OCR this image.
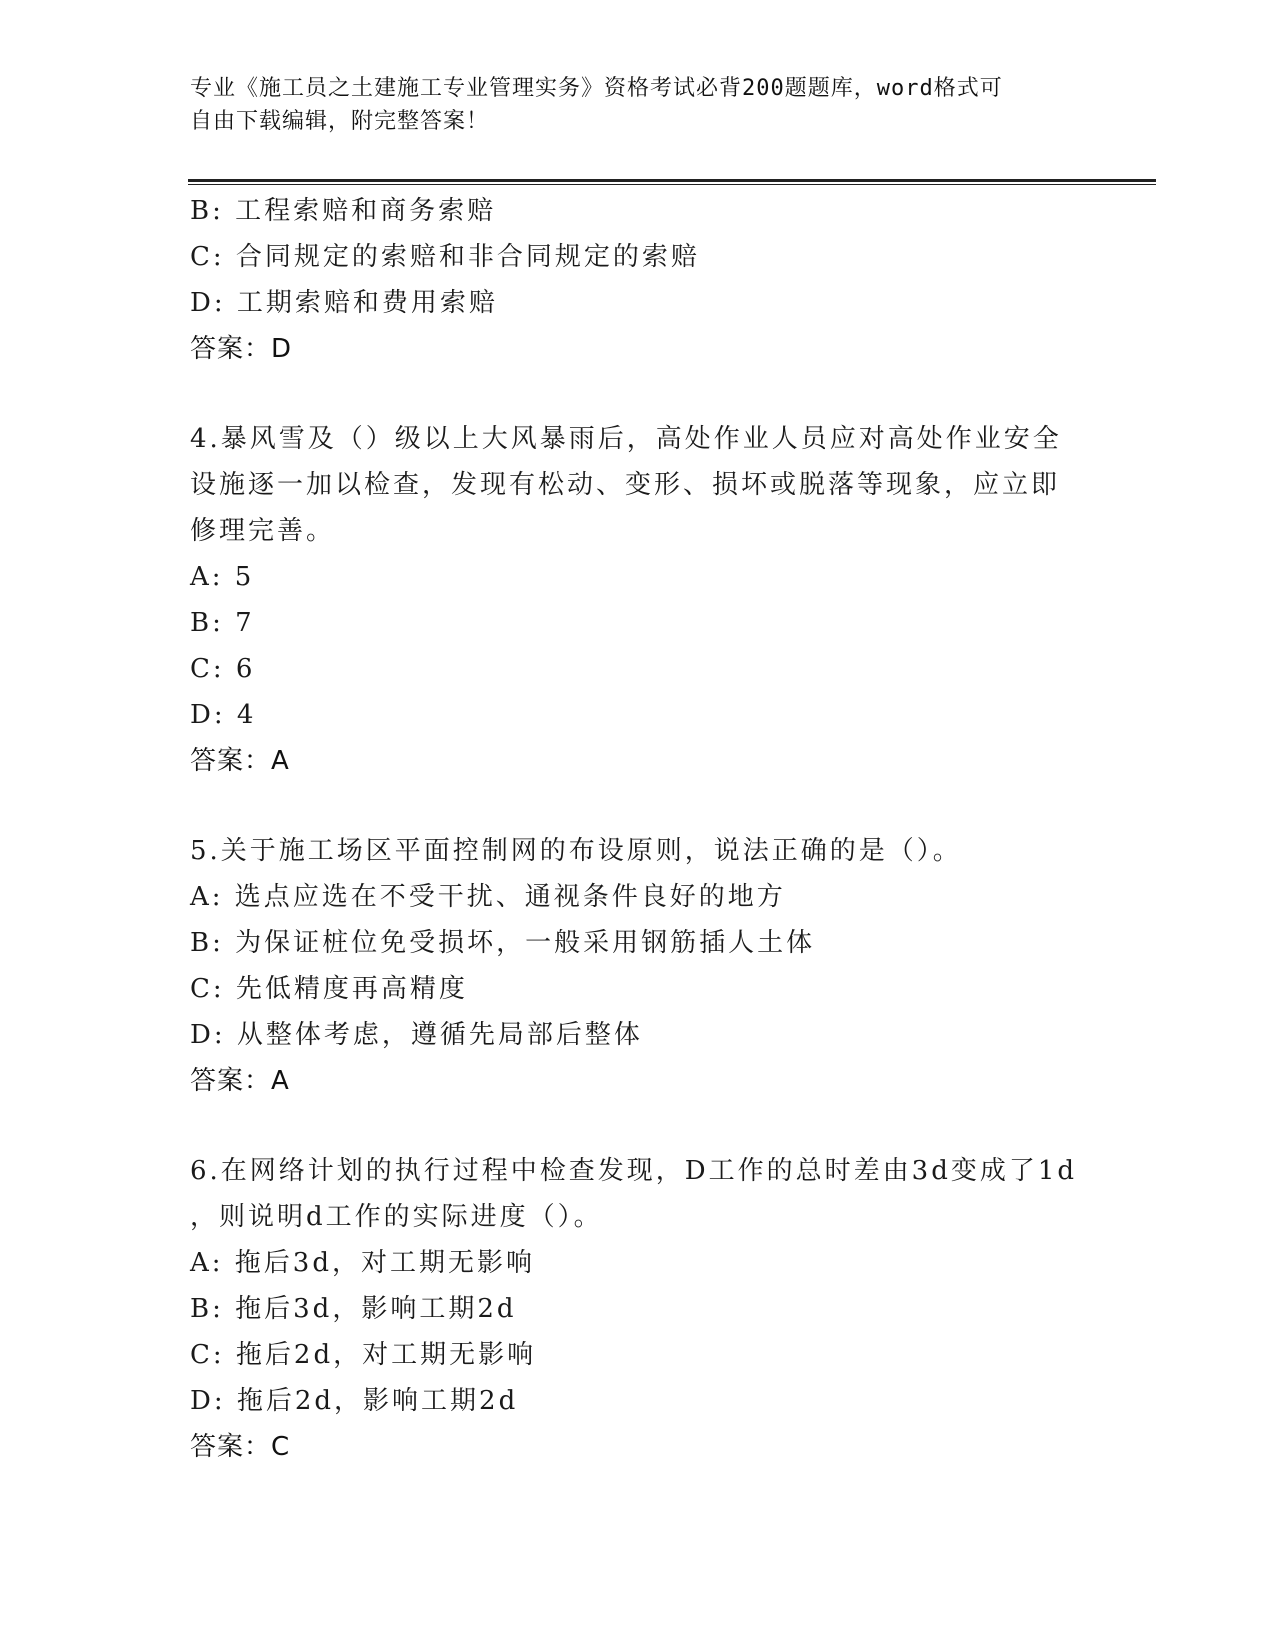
专业《施工员之土建施工专业管理实务》资格考试必背200题题库，word格式可
自由下载编辑，附完整答案！
B: 工程索赔和商务索赔
C: 合同规定的索赔和非合同规定的索赔
D: 工期索赔和费用索赔
答案：D
4.暴风雪及（）级以上大风暴雨后，高处作业人员应对高处作业安全
设施逐一加以检查，发现有松动、变形、损坏或脱落等现象，应立即
修理完善。
A: 5
B: 7
C: 6
D: 4
答案：A
5.关于施工场区平面控制网的布设原则，说法正确的是（）。
A: 选点应选在不受干扰、通视条件良好的地方
B: 为保证桩位免受损坏，一般采用钢筋插人土体
C: 先低精度再高精度
D: 从整体考虑，遵循先局部后整体
答案：A
6.在网络计划的执行过程中检查发现，D工作的总时差由3d变成了1d
，则说明d工作的实际进度（）。
A: 拖后3d，对工期无影响
B: 拖后3d，影响工期2d
C: 拖后2d，对工期无影响
D: 拖后2d，影响工期2d
答案：C
